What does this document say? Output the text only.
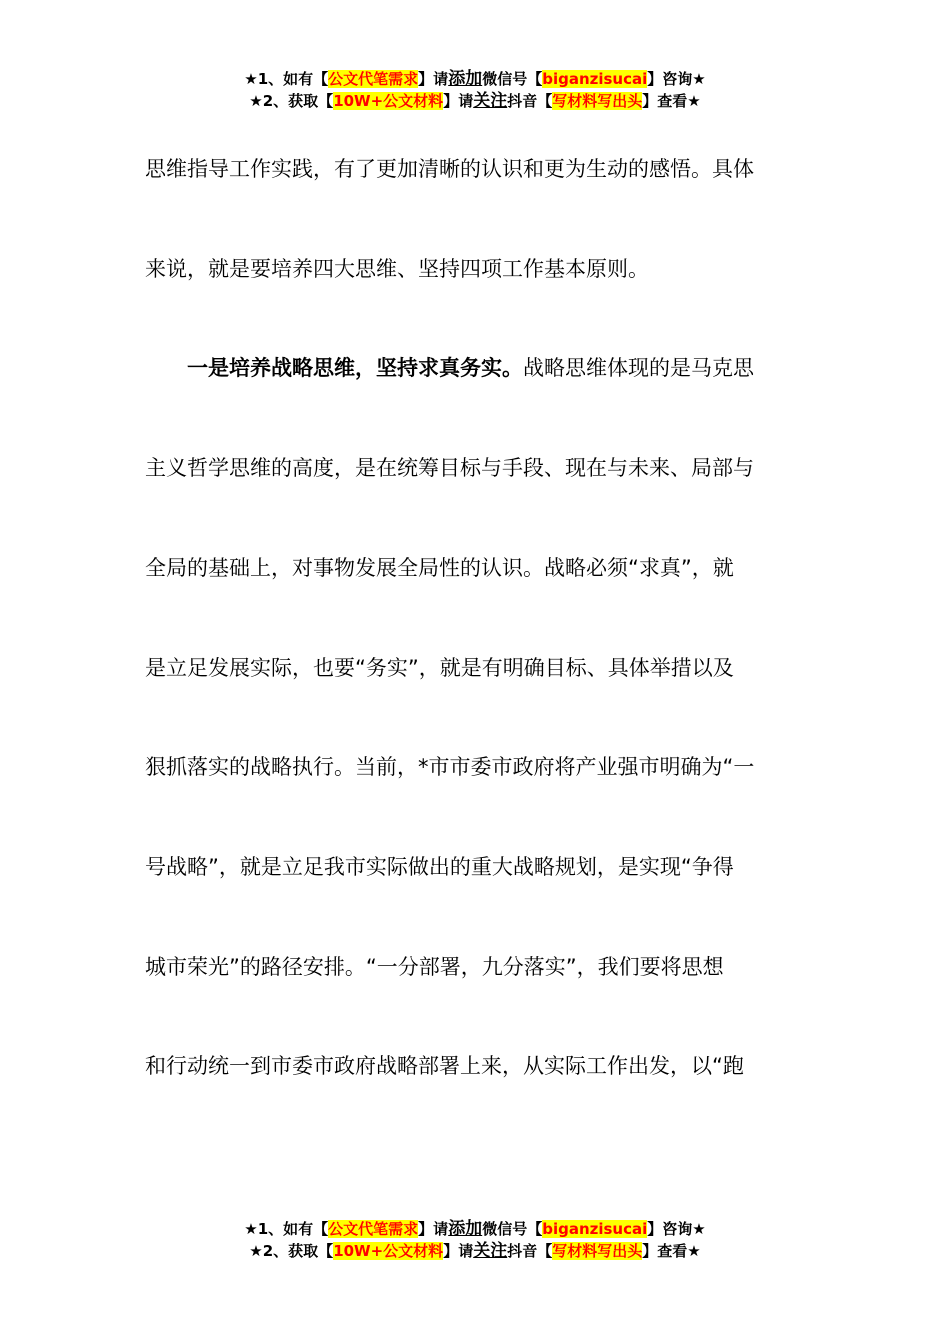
★1、如有【公文代笔需求】请添加微信号【biganzisucai】咨询★
★2、获取【10W+公文材料】请关注抖音【写材料写出头】查看★
思维指导工作实践，有了更加清晰的认识和更为生动的感悟。具体
来说，就是要培养四大思维、坚持四项工作基本原则。
一是培养战略思维，坚持求真务实。战略思维体现的是马克思
主义哲学思维的高度，是在统筹目标与手段、现在与未来、局部与
全局的基础上，对事物发展全局性的认识。战略必须“求真”，就
是立足发展实际，也要“务实”，就是有明确目标、具体举措以及
狠抓落实的战略执行。当前，*市市委市政府将产业强市明确为“一
号战略”，就是立足我市实际做出的重大战略规划，是实现“争得
城市荣光”的路径安排。“一分部署，九分落实”，我们要将思想
和行动统一到市委市政府战略部署上来，从实际工作出发，以“跑
★1、如有【公文代笔需求】请添加微信号【biganzisucai】咨询★
★2、获取【10W+公文材料】请关注抖音【写材料写出头】查看★
